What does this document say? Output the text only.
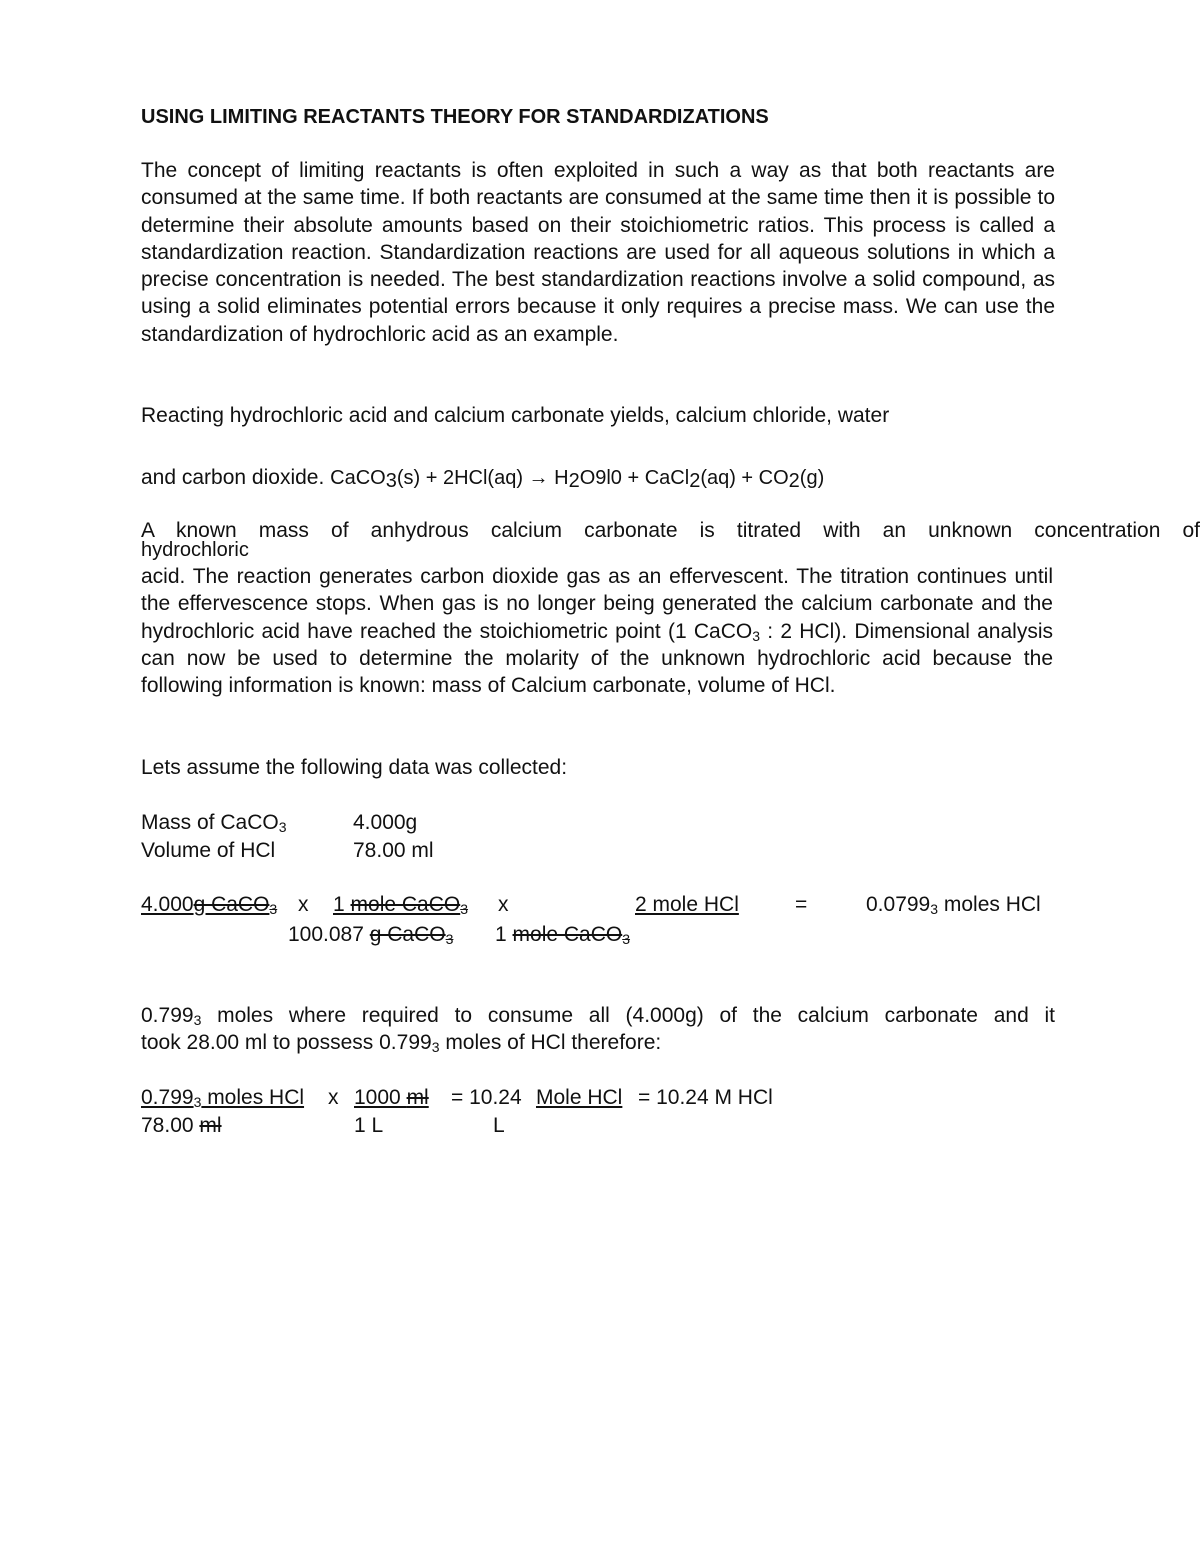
USING LIMITING REACTANTS THEORY FOR STANDARDIZATIONS

The concept of limiting reactants is often exploited in such a way as that both reactants are consumed at the same time. If both reactants are consumed at the same time then it is possible to determine their absolute amounts based on their stoichiometric ratios. This process is called a standardization reaction. Standardization reactions are used for all aqueous solutions in which a precise concentration is needed. The best standardization reactions involve a solid compound, as using a solid eliminates potential errors because it only requires a precise mass. We can use the standardization of hydrochloric acid as an example.

Reacting hydrochloric acid and calcium carbonate yields, calcium chloride, water

and carbon dioxide. CaCO3(s) + 2HCl(aq) → H2O9l0 + CaCl2(aq) + CO2(g)

A known mass of anhydrous calcium carbonate is titrated with an unknown concentration of
hydrochloric

acid. The reaction generates carbon dioxide gas as an effervescent. The titration continues until the effervescence stops. When gas is no longer being generated the calcium carbonate and the hydrochloric acid have reached the stoichiometric point (1 CaCO$_3$ : 2 HCl). Dimensional analysis can now be used to determine the molarity of the unknown hydrochloric acid because the following information is known: mass of Calcium carbonate, volume of HCl.

Lets assume the following data was collected:

Mass of CaCO$_3$	4.000g
Volume of HCl	78.00 ml
4.000g CaCO$_3$ x 1 mole CaCO$_3$ x	2 mole HCl	=	$0.0799_3$ moles HCl
100.087 g CaCO$_3$ 1 mole CaCO$_3$

$0.799_3$ moles where required to consume all (4.000g) of the calcium carbonate and it

took 28.00 ml to possess $0.799_3$ moles of HCl therefore:

$0.799_3$ moles HCl x 1000 ml = 10.24 Mole HCl = 10.24 M HCl
78.00 ml	1 L	L
